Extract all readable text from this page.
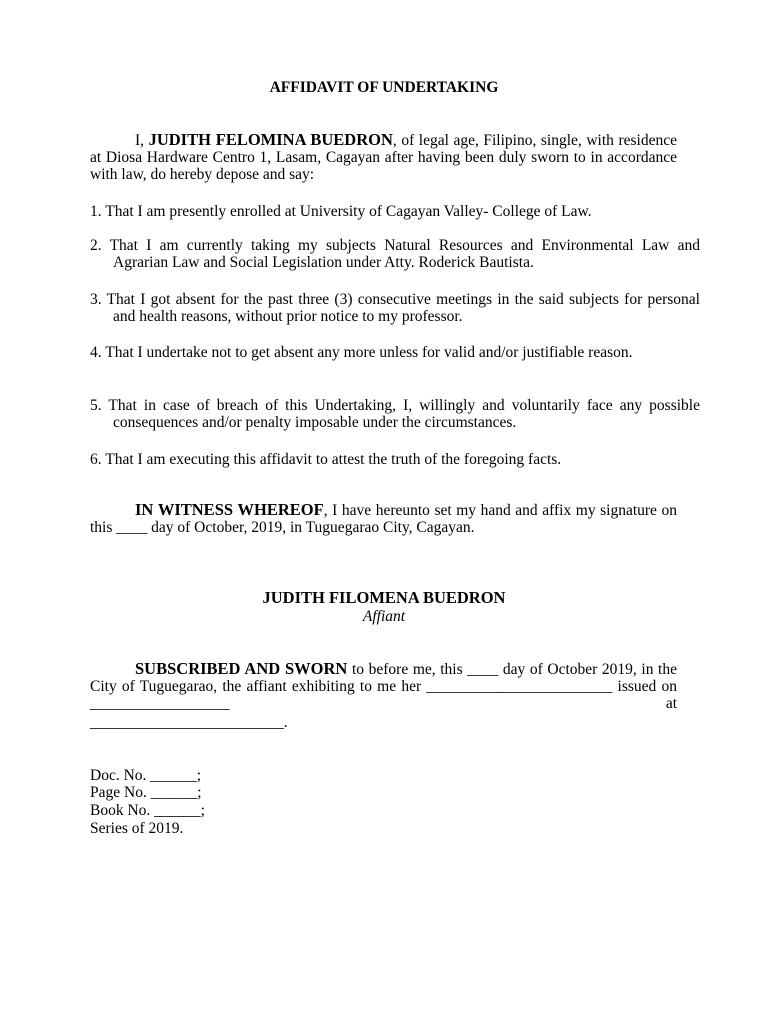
AFFIDAVIT OF UNDERTAKING
I, JUDITH FELOMINA BUEDRON, of legal age, Filipino, single, with residence at Diosa Hardware Centro 1, Lasam, Cagayan after having been duly sworn to in accordance with law, do hereby depose and say:
1. That I am presently enrolled at University of Cagayan Valley- College of Law.
2. That I am currently taking my subjects Natural Resources and Environmental Law and Agrarian Law and Social Legislation under Atty. Roderick Bautista.
3. That I got absent for the past three (3) consecutive meetings in the said subjects for personal and health reasons, without prior notice to my professor.
4. That I undertake not to get absent any more unless for valid and/or justifiable reason.
5. That in case of breach of this Undertaking, I, willingly and voluntarily face any possible consequences and/or penalty imposable under the circumstances.
6. That I am executing this affidavit to attest the truth of the foregoing facts.
IN WITNESS WHEREOF, I have hereunto set my hand and affix my signature on this ____ day of October, 2019, in Tuguegarao City, Cagayan.
JUDITH FILOMENA BUEDRON
Affiant
SUBSCRIBED AND SWORN to before me, this ____ day of October 2019, in the City of Tuguegarao, the affiant exhibiting to me her ________________________ issued on __________________ at
_________________________.
Doc. No. ______;
Page No. ______;
Book No. ______;
Series of 2019.
